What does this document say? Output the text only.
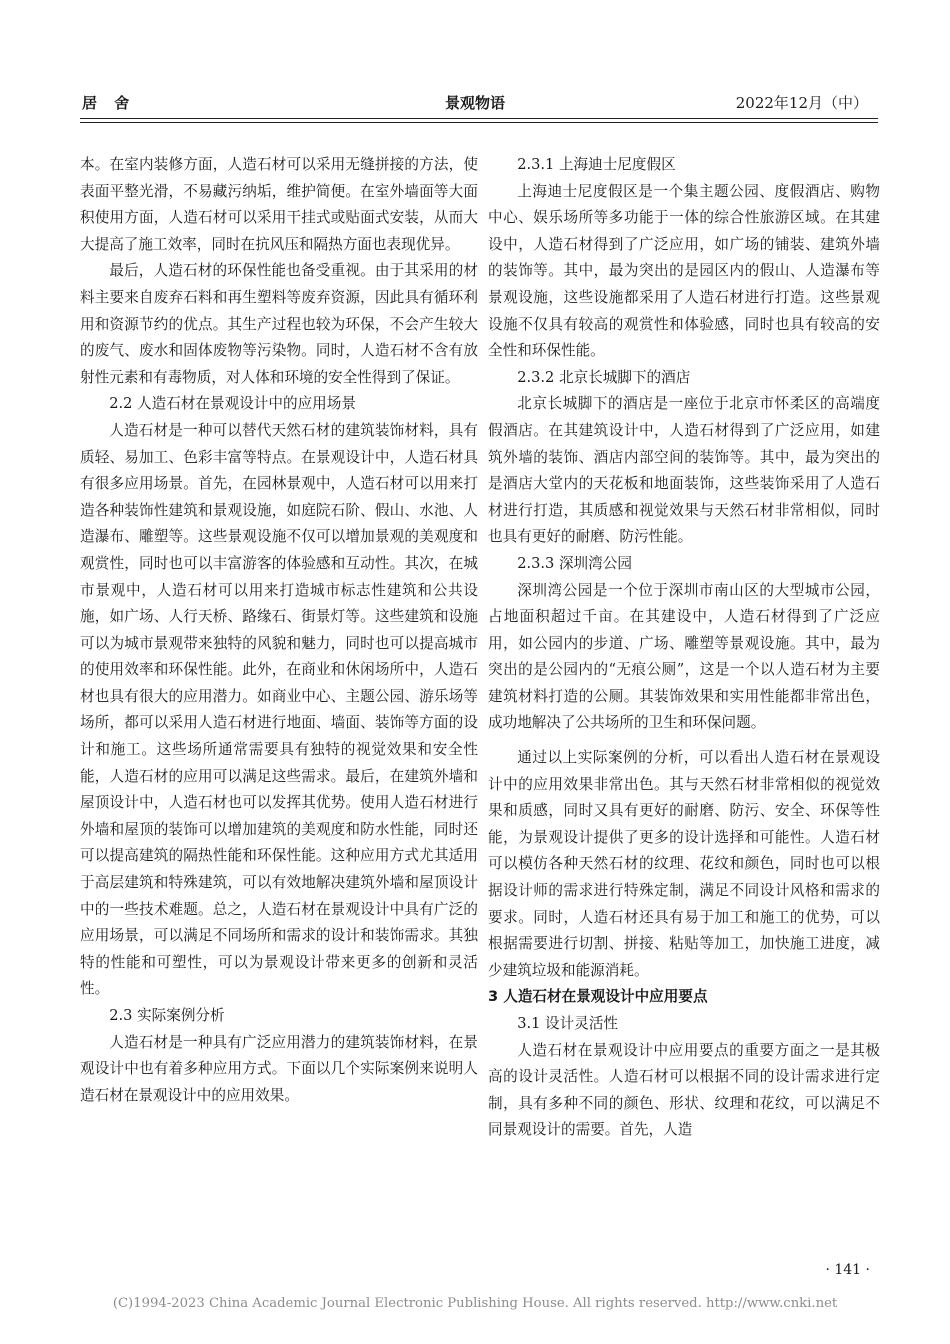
居 舍	景观物语	2022年12月（中）

本。在室内装修方面，人造石材可以采用无缝拼接的方法，使表面平整光滑，不易藏污纳垢，维护简便。在室外墙面等大面积使用方面，人造石材可以采用干挂式或贴面式安装，从而大大提高了施工效率，同时在抗风压和隔热方面也表现优异。

最后，人造石材的环保性能也备受重视。由于其采用的材料主要来自废弃石料和再生塑料等废弃资源，因此具有循环利用和资源节约的优点。其生产过程也较为环保，不会产生较大的废气、废水和固体废物等污染物。同时，人造石材不含有放射性元素和有毒物质，对人体和环境的安全性得到了保证。

2.2 人造石材在景观设计中的应用场景

人造石材是一种可以替代天然石材的建筑装饰材料，具有质轻、易加工、色彩丰富等特点。在景观设计中，人造石材具有很多应用场景。首先，在园林景观中，人造石材可以用来打造各种装饰性建筑和景观设施，如庭院石阶、假山、水池、人造瀑布、雕塑等。这些景观设施不仅可以增加景观的美观度和观赏性，同时也可以丰富游客的体验感和互动性。其次，在城市景观中，人造石材可以用来打造城市标志性建筑和公共设施，如广场、人行天桥、路缘石、街景灯等。这些建筑和设施可以为城市景观带来独特的风貌和魅力，同时也可以提高城市的使用效率和环保性能。此外，在商业和休闲场所中，人造石材也具有很大的应用潜力。如商业中心、主题公园、游乐场等场所，都可以采用人造石材进行地面、墙面、装饰等方面的设计和施工。这些场所通常需要具有独特的视觉效果和安全性能，人造石材的应用可以满足这些需求。最后，在建筑外墙和屋顶设计中，人造石材也可以发挥其优势。使用人造石材进行外墙和屋顶的装饰可以增加建筑的美观度和防水性能，同时还可以提高建筑的隔热性能和环保性能。这种应用方式尤其适用于高层建筑和特殊建筑，可以有效地解决建筑外墙和屋顶设计中的一些技术难题。总之，人造石材在景观设计中具有广泛的应用场景，可以满足不同场所和需求的设计和装饰需求。其独特的性能和可塑性，可以为景观设计带来更多的创新和灵活性。

2.3 实际案例分析

人造石材是一种具有广泛应用潜力的建筑装饰材料，在景观设计中也有着多种应用方式。下面以几个实际案例来说明人造石材在景观设计中的应用效果。

2.3.1 上海迪士尼度假区

上海迪士尼度假区是一个集主题公园、度假酒店、购物中心、娱乐场所等多功能于一体的综合性旅游区域。在其建设中，人造石材得到了广泛应用，如广场的铺装、建筑外墙的装饰等。其中，最为突出的是园区内的假山、人造瀑布等景观设施，这些设施都采用了人造石材进行打造。这些景观设施不仅具有较高的观赏性和体验感，同时也具有较高的安全性和环保性能。

2.3.2 北京长城脚下的酒店

北京长城脚下的酒店是一座位于北京市怀柔区的高端度假酒店。在其建筑设计中，人造石材得到了广泛应用，如建筑外墙的装饰、酒店内部空间的装饰等。其中，最为突出的是酒店大堂内的天花板和地面装饰，这些装饰采用了人造石材进行打造，其质感和视觉效果与天然石材非常相似，同时也具有更好的耐磨、防污性能。

2.3.3 深圳湾公园

深圳湾公园是一个位于深圳市南山区的大型城市公园，占地面积超过千亩。在其建设中，人造石材得到了广泛应用，如公园内的步道、广场、雕塑等景观设施。其中，最为突出的是公园内的“无痕公厕”，这是一个以人造石材为主要建筑材料打造的公厕。其装饰效果和实用性能都非常出色，成功地解决了公共场所的卫生和环保问题。

通过以上实际案例的分析，可以看出人造石材在景观设计中的应用效果非常出色。其与天然石材非常相似的视觉效果和质感，同时又具有更好的耐磨、防污、安全、环保等性能，为景观设计提供了更多的设计选择和可能性。人造石材可以模仿各种天然石材的纹理、花纹和颜色，同时也可以根据设计师的需求进行特殊定制，满足不同设计风格和需求的要求。同时，人造石材还具有易于加工和施工的优势，可以根据需要进行切割、拼接、粘贴等加工，加快施工进度，减少建筑垃圾和能源消耗。

3 人造石材在景观设计中应用要点

3.1 设计灵活性

人造石材在景观设计中应用要点的重要方面之一是其极高的设计灵活性。人造石材可以根据不同的设计需求进行定制，具有多种不同的颜色、形状、纹理和花纹，可以满足不同景观设计的需要。首先，人造

· 141 ·
(C)1994-2023 China Academic Journal Electronic Publishing House. All rights reserved. http://www.cnki.net
